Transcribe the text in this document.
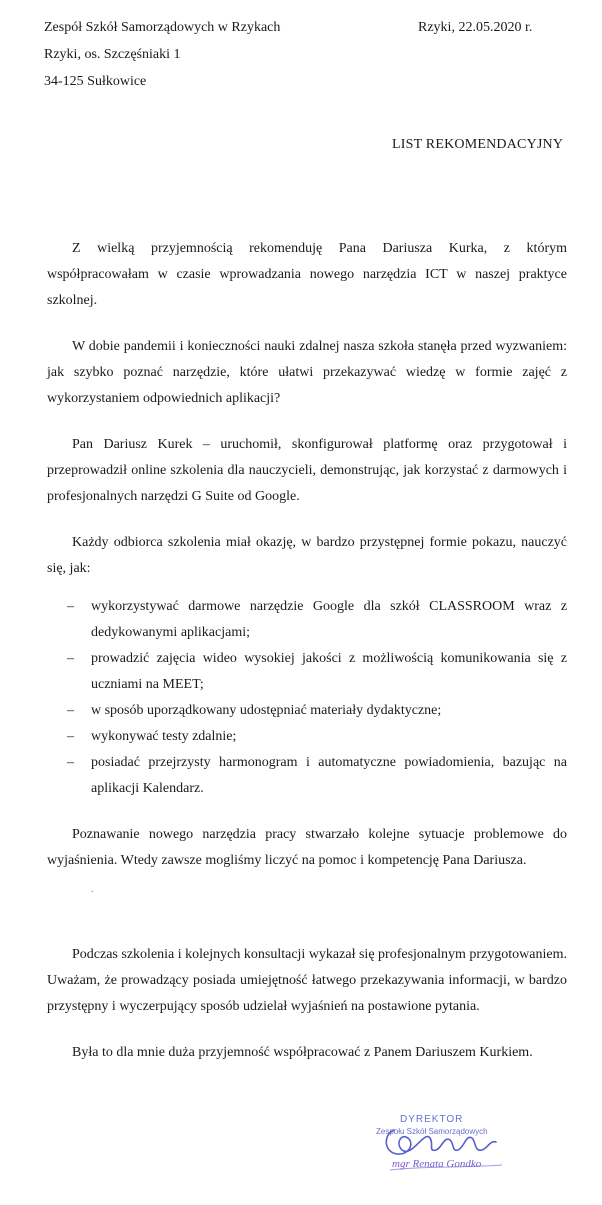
Zespół Szkół Samorządowych w Rzykach
Rzyki, os. Szczęśniaki 1
34-125 Sułkowice
Rzyki, 22.05.2020 r.
LIST REKOMENDACYJNY

Z wielką przyjemnością rekomenduję Pana Dariusza Kurka, z którym współpracowałam w czasie wprowadzania nowego narzędzia ICT w naszej praktyce szkolnej.

W dobie pandemii i konieczności nauki zdalnej nasza szkoła stanęła przed wyzwaniem: jak szybko poznać narzędzie, które ułatwi przekazywać wiedzę w formie zajęć z wykorzystaniem odpowiednich aplikacji?

Pan Dariusz Kurek – uruchomił, skonfigurował platformę oraz przygotował i przeprowadził online szkolenia dla nauczycieli, demonstrując, jak korzystać z darmowych i profesjonalnych narzędzi G Suite od Google.

Każdy odbiorca szkolenia miał okazję, w bardzo przystępnej formie pokazu, nauczyć się, jak:

– wykorzystywać darmowe narzędzie Google dla szkół CLASSROOM wraz z dedykowanymi aplikacjami;
– prowadzić zajęcia wideo wysokiej jakości z możliwością komunikowania się z uczniami na MEET;
– w sposób uporządkowany udostępniać materiały dydaktyczne;
– wykonywać testy zdalnie;
– posiadać przejrzysty harmonogram i automatyczne powiadomienia, bazując na aplikacji Kalendarz.

Poznawanie nowego narzędzia pracy stwarzało kolejne sytuacje problemowe do wyjaśnienia. Wtedy zawsze mogliśmy liczyć na pomoc i kompetencję Pana Dariusza.

Podczas szkolenia i kolejnych konsultacji wykazał się profesjonalnym przygotowaniem. Uważam, że prowadzący posiada umiejętność łatwego przekazywania informacji, w bardzo przystępny i wyczerpujący sposób udzielał wyjaśnień na postawione pytania.

Była to dla mnie duża przyjemność współpracować z Panem Dariuszem Kurkiem.

.
DYREKTOR
Zespołu Szkół Samorządowych
mgr Renata Gondko
